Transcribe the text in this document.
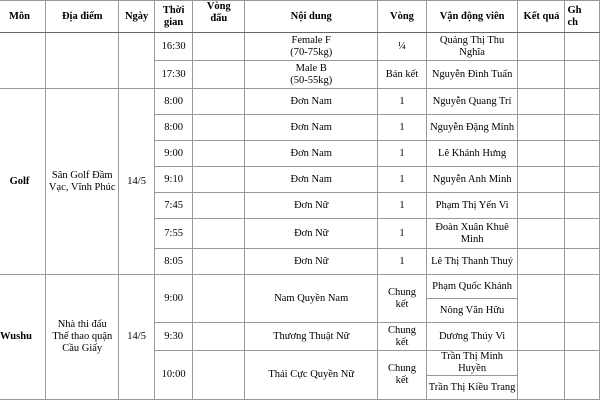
Môn	Địa điểm	Ngày	Thời
gian	Vòng
đấu	Nội dung	Vòng	Vận động viên	Kết quả	Gh
ch
			16:30		Female F
(70-75kg)	¼	Quảng Thị Thu Nghĩa		
			17:30		Male B
(50-55kg)	Bán kết	Nguyễn Đình Tuấn		
Golf	Sân Golf Đầm
Vạc, Vĩnh Phúc	14/5	8:00		Đơn Nam	1	Nguyễn Quang Trí		
			8:00		Đơn Nam	1	Nguyễn Đặng Minh		
			9:00		Đơn Nam	1	Lê Khánh Hưng		
			9:10		Đơn Nam	1	Nguyễn Anh Minh		
			7:45		Đơn Nữ	1	Phạm Thị Yến Vi		
			7:55		Đơn Nữ	1	Đoàn Xuân Khuê
Minh		
			8:05		Đơn Nữ	1	Lê Thị Thanh Thuý		
Wushu	Nhà thi đấu
Thể thao quận
Cầu Giấy	14/5	9:00		Nam Quyền Nam	Chung
kết	Phạm Quốc Khánh		
							Nông Văn Hữu		
			9:30		Thương Thuật Nữ	Chung
kết	Dương Thúy Vi		
			10:00		Thái Cực Quyền Nữ	Chung
kết	Trần Thị Minh Huyền		
							Trần Thị Kiều Trang		
